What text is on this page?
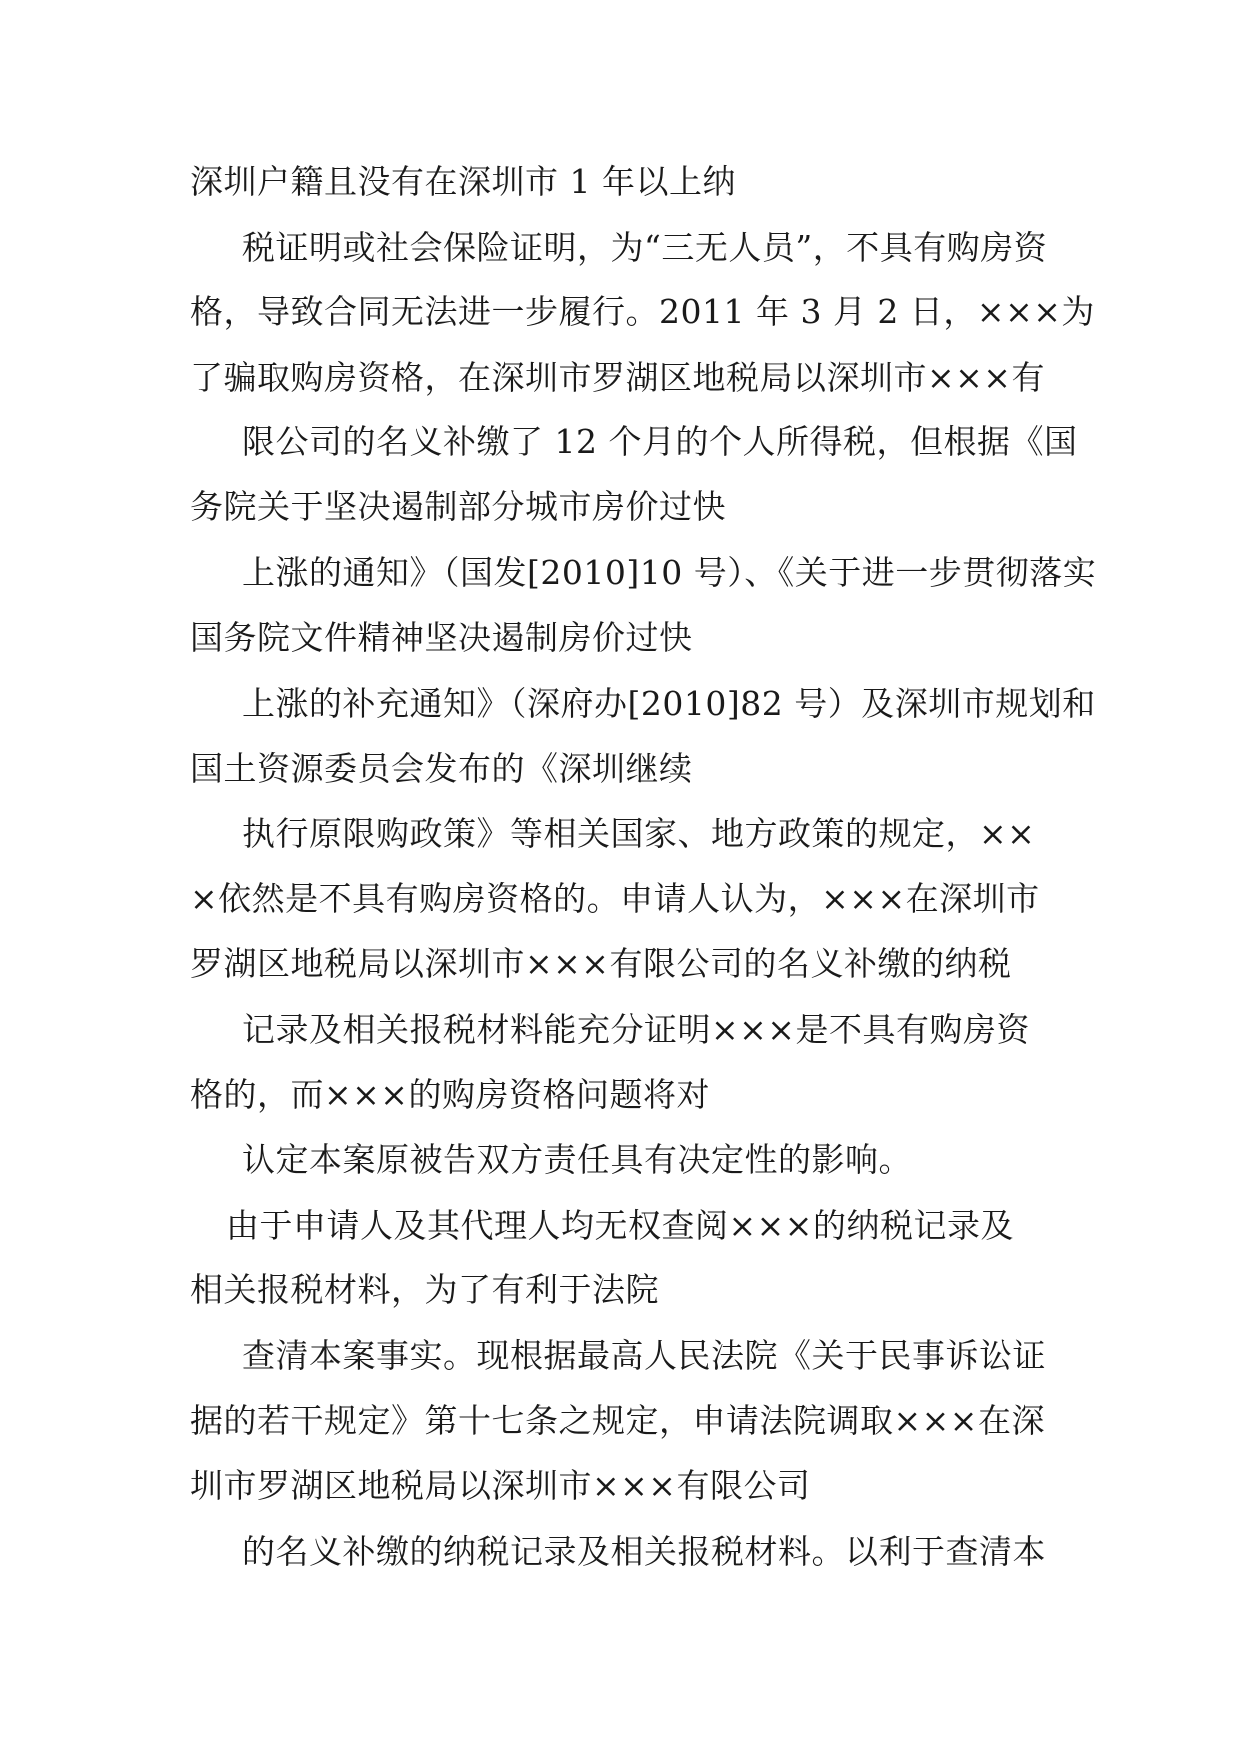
深圳户籍且没有在深圳市 1 年以上纳
税证明或社会保险证明，为“三无人员”，不具有购房资
格，导致合同无法进一步履行。2011 年 3 月 2 日，×××为
了骗取购房资格，在深圳市罗湖区地税局以深圳市×××有
限公司的名义补缴了 12 个月的个人所得税，但根据《国
务院关于坚决遏制部分城市房价过快
上涨的通知》（国发[2010]10 号）、《关于进一步贯彻落实
国务院文件精神坚决遏制房价过快
上涨的补充通知》（深府办[2010]82 号）及深圳市规划和
国土资源委员会发布的《深圳继续
执行原限购政策》等相关国家、地方政策的规定，××
×依然是不具有购房资格的。申请人认为，×××在深圳市
罗湖区地税局以深圳市×××有限公司的名义补缴的纳税
记录及相关报税材料能充分证明×××是不具有购房资
格的，而×××的购房资格问题将对
认定本案原被告双方责任具有决定性的影响。
由于申请人及其代理人均无权查阅×××的纳税记录及
相关报税材料，为了有利于法院
查清本案事实。现根据最高人民法院《关于民事诉讼证
据的若干规定》第十七条之规定，申请法院调取×××在深
圳市罗湖区地税局以深圳市×××有限公司
的名义补缴的纳税记录及相关报税材料。以利于查清本
